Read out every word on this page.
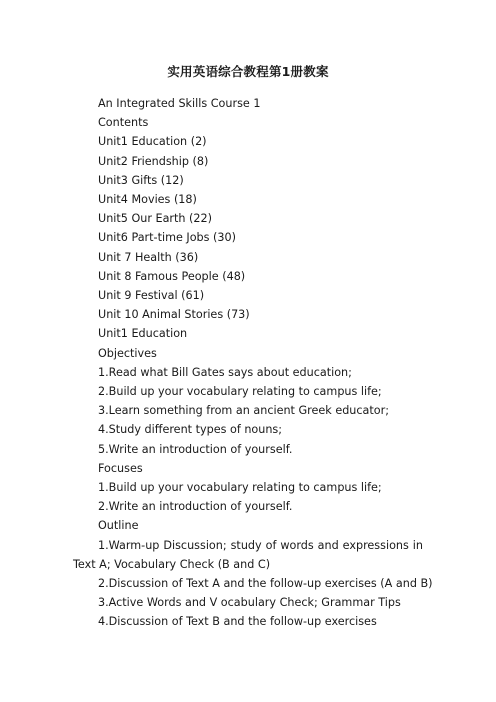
实用英语综合教程第1册教案

An Integrated Skills Course 1

Contents

Unit1 Education (2)

Unit2 Friendship (8)

Unit3 Gifts (12)

Unit4 Movies (18)

Unit5 Our Earth (22)

Unit6 Part-time Jobs (30)

Unit 7 Health (36)

Unit 8 Famous People (48)

Unit 9 Festival (61)

Unit 10 Animal Stories (73)

Unit1 Education

Objectives

1.Read what Bill Gates says about education;

2.Build up your vocabulary relating to campus life;

3.Learn something from an ancient Greek educator;

4.Study different types of nouns;

5.Write an introduction of yourself.

Focuses

1.Build up your vocabulary relating to campus life;

2.Write an introduction of yourself.

Outline

1.Warm-up Discussion; study of words and expressions in Text A; Vocabulary Check (B and C)

2.Discussion of Text A and the follow-up exercises (A and B)

3.Active Words and V ocabulary Check; Grammar Tips

4.Discussion of Text B and the follow-up exercises
